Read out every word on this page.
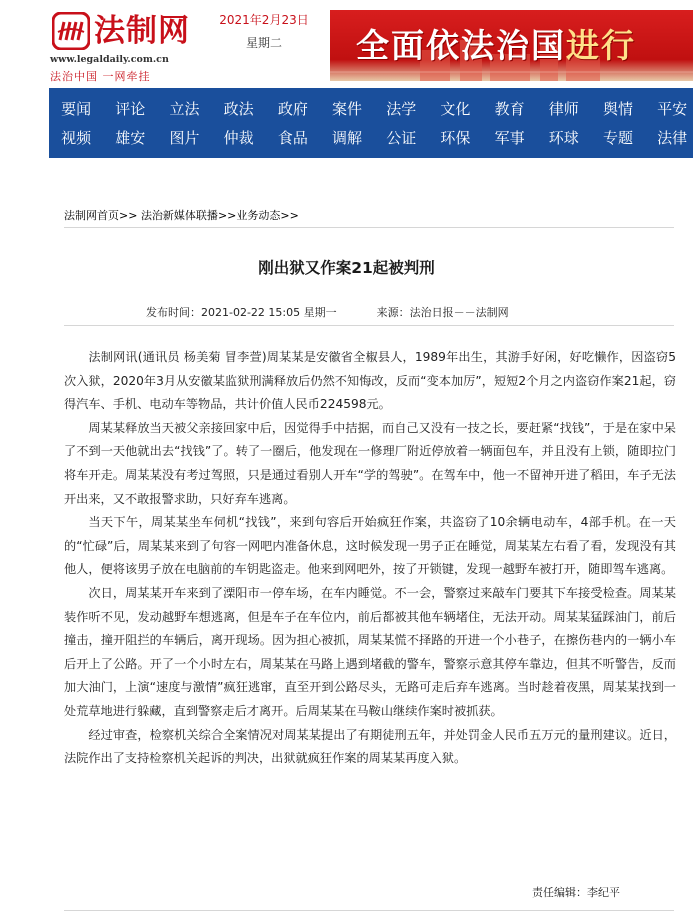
法制网
www.legaldaily.com.cn
法治中国 一网牵挂
2021年2月23日
星期二	全面依法治国进行
要闻	评论	立法	政法	政府	案件	法学	文化	教育	律师	舆情	平安
视频	雄安	图片	仲裁	食品	调解	公证	环保	军事	环球	专题	法律
法制网首页>> 法治新媒体联播>>业务动态>>
刚出狱又作案21起被判刑
发布时间：2021-02-22 15:05 星期一	来源：法治日报－－法制网

法制网讯(通讯员 杨美菊 冒李萱)周某某是安徽省全椒县人，1989年出生，其游手好闲，好吃懒作，因盗窃5次入狱，2020年3月从安徽某监狱刑满释放后仍然不知悔改，反而“变本加厉”，短短2个月之内盗窃作案21起，窃得汽车、手机、电动车等物品，共计价值人民币224598元。

周某某释放当天被父亲接回家中后，因觉得手中拮据，而自己又没有一技之长，要赶紧“找钱”，于是在家中呆了不到一天他就出去“找钱”了。转了一圈后，他发现在一修理厂附近停放着一辆面包车，并且没有上锁，随即拉门将车开走。周某某没有考过驾照，只是通过看别人开车“学的驾驶”。在驾车中，他一不留神开进了稻田，车子无法开出来，又不敢报警求助，只好弃车逃离。

当天下午，周某某坐车伺机“找钱”，来到句容后开始疯狂作案，共盗窃了10余辆电动车，4部手机。在一天的“忙碌”后，周某某来到了句容一网吧内准备休息，这时候发现一男子正在睡觉，周某某左右看了看，发现没有其他人，便将该男子放在电脑前的车钥匙盗走。他来到网吧外，按了开锁键，发现一越野车被打开，随即驾车逃离。

次日，周某某开车来到了溧阳市一停车场，在车内睡觉。不一会，警察过来敲车门要其下车接受检查。周某某装作听不见，发动越野车想逃离，但是车子在车位内，前后都被其他车辆堵住，无法开动。周某某猛踩油门，前后撞击，撞开阻拦的车辆后，离开现场。因为担心被抓，周某某慌不择路的开进一个小巷子，在擦伤巷内的一辆小车后开上了公路。开了一个小时左右，周某某在马路上遇到堵截的警车，警察示意其停车靠边，但其不听警告，反而加大油门，上演“速度与激情”疯狂逃窜，直至开到公路尽头，无路可走后弃车逃离。当时趁着夜黑，周某某找到一处荒草地进行躲藏，直到警察走后才离开。后周某某在马鞍山继续作案时被抓获。

经过审查，检察机关综合全案情况对周某某提出了有期徒刑五年，并处罚金人民币五万元的量刑建议。近日，法院作出了支持检察机关起诉的判决，出狱就疯狂作案的周某某再度入狱。

责任编辑：李纪平
